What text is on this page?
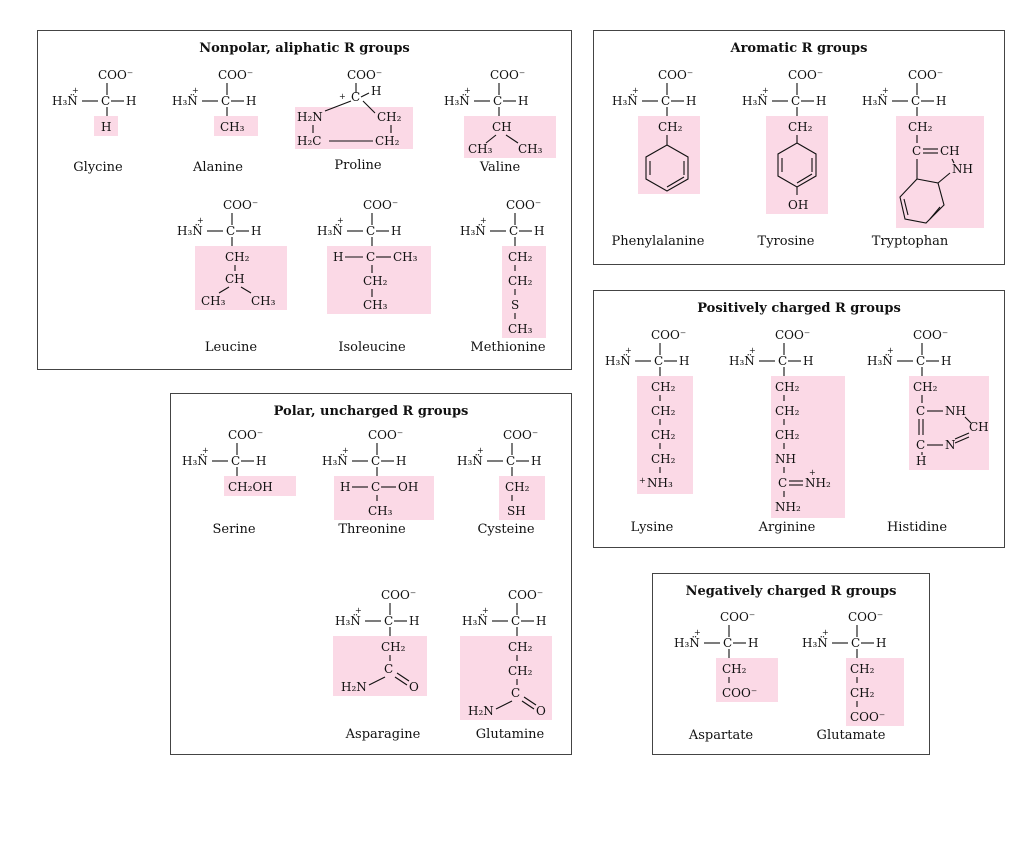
Nonpolar, aliphatic R groups
COO⁻
H₃N̈
+
C H
H
Glycine
COO⁻
H₃N̈
+
C H
CH₃
Alanine
COO⁻
+ C H
H₂N	CH₂
H₂C	CH₂
Proline
COO⁻
H₃N̈
+
C H
CH
CH₃ CH₃
Valine
COO⁻
H₃N̈
+
C H
CH₂
CH
CH₃ CH₃
Leucine
COO⁻
H₃N̈
+
C H
H C CH₃
CH₂
CH₃
Isoleucine
COO⁻
H₃N̈
+
C H
CH₂
CH₂
S
CH₃
Methionine
Aromatic R groups
COO⁻
H₃N̈
+
C H
CH₂
Phenylalanine
COO⁻
H₃N̈
+
C H
CH₂
OH
Tyrosine
COO⁻
H₃N̈
+
C H
CH₂
C CH
NH
Tryptophan
Positively charged R groups
COO⁻
H₃N̈
+
C H
CH₂
CH₂
CH₂
CH₂
+ NH₃
Lysine
COO⁻
H₃N̈
+
C H
CH₂
CH₂
CH₂
NH
C
+
NH₂
NH₂
Arginine
COO⁻
H₃N̈
+
C H
CH₂
C NH
CH
C N
H
Histidine
Polar, uncharged R groups
COO⁻
H₃N̈
+
C H
CH₂OH
Serine
COO⁻
H₃N̈
+
C H
H C OH
CH₃
Threonine
COO⁻
H₃N̈
+
C H
CH₂
SH
Cysteine
COO⁻
H₃N̈
+
C H
CH₂
C
H₂N	O
Asparagine
COO⁻
H₃N̈
+
C H
CH₂
CH₂
C
H₂N	O
Glutamine
Negatively charged R groups
COO⁻
H₃N̈
+
C H
CH₂
COO⁻
Aspartate
COO⁻
H₃N̈
+
C H
CH₂
CH₂
COO⁻
Glutamate
